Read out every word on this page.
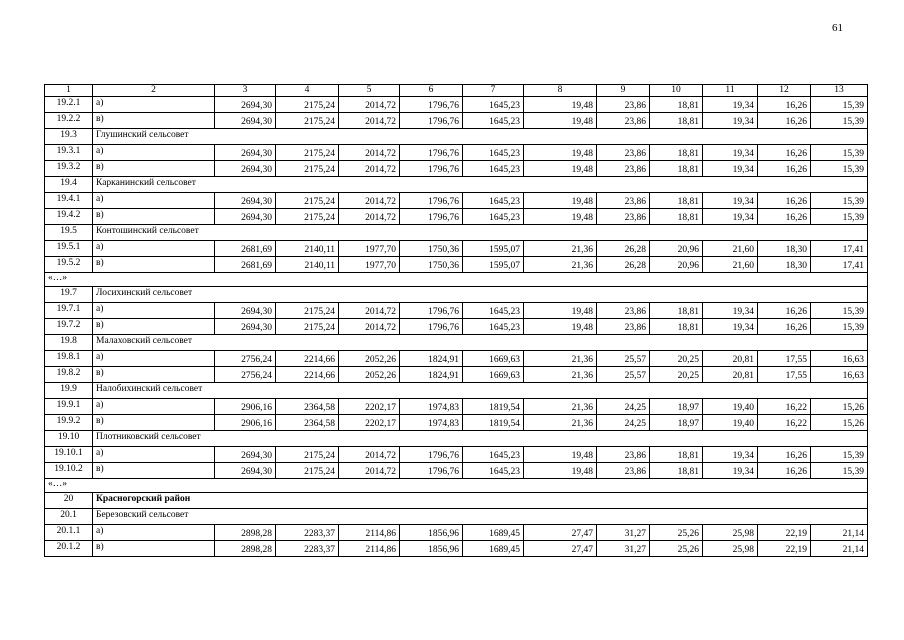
61
1	2	3	4	5	6	7	8	9	10	11	12	13
19.2.1	а)	2694,30	2175,24	2014,72	1796,76	1645,23	19,48	23,86	18,81	19,34	16,26	15,39
19.2.2	в)	2694,30	2175,24	2014,72	1796,76	1645,23	19,48	23,86	18,81	19,34	16,26	15,39
19.3	Глушинский сельсовет											
19.3.1	а)	2694,30	2175,24	2014,72	1796,76	1645,23	19,48	23,86	18,81	19,34	16,26	15,39
19.3.2	в)	2694,30	2175,24	2014,72	1796,76	1645,23	19,48	23,86	18,81	19,34	16,26	15,39
19.4	Карканинский сельсовет											
19.4.1	а)	2694,30	2175,24	2014,72	1796,76	1645,23	19,48	23,86	18,81	19,34	16,26	15,39
19.4.2	в)	2694,30	2175,24	2014,72	1796,76	1645,23	19,48	23,86	18,81	19,34	16,26	15,39
19.5	Контошинский сельсовет											
19.5.1	а)	2681,69	2140,11	1977,70	1750,36	1595,07	21,36	26,28	20,96	21,60	18,30	17,41
19.5.2	в)	2681,69	2140,11	1977,70	1750,36	1595,07	21,36	26,28	20,96	21,60	18,30	17,41
«…»												
19.7	Лосихинский сельсовет											
19.7.1	а)	2694,30	2175,24	2014,72	1796,76	1645,23	19,48	23,86	18,81	19,34	16,26	15,39
19.7.2	в)	2694,30	2175,24	2014,72	1796,76	1645,23	19,48	23,86	18,81	19,34	16,26	15,39
19.8	Малаховский сельсовет											
19.8.1	а)	2756,24	2214,66	2052,26	1824,91	1669,63	21,36	25,57	20,25	20,81	17,55	16,63
19.8.2	в)	2756,24	2214,66	2052,26	1824,91	1669,63	21,36	25,57	20,25	20,81	17,55	16,63
19.9	Налобихинский сельсовет											
19.9.1	а)	2906,16	2364,58	2202,17	1974,83	1819,54	21,36	24,25	18,97	19,40	16,22	15,26
19.9.2	в)	2906,16	2364,58	2202,17	1974,83	1819,54	21,36	24,25	18,97	19,40	16,22	15,26
19.10	Плотниковский сельсовет											
19.10.1	а)	2694,30	2175,24	2014,72	1796,76	1645,23	19,48	23,86	18,81	19,34	16,26	15,39
19.10.2	в)	2694,30	2175,24	2014,72	1796,76	1645,23	19,48	23,86	18,81	19,34	16,26	15,39
«…»												
20	Красногорский район											
20.1	Березовский сельсовет											
20.1.1	а)	2898,28	2283,37	2114,86	1856,96	1689,45	27,47	31,27	25,26	25,98	22,19	21,14
20.1.2	в)	2898,28	2283,37	2114,86	1856,96	1689,45	27,47	31,27	25,26	25,98	22,19	21,14
